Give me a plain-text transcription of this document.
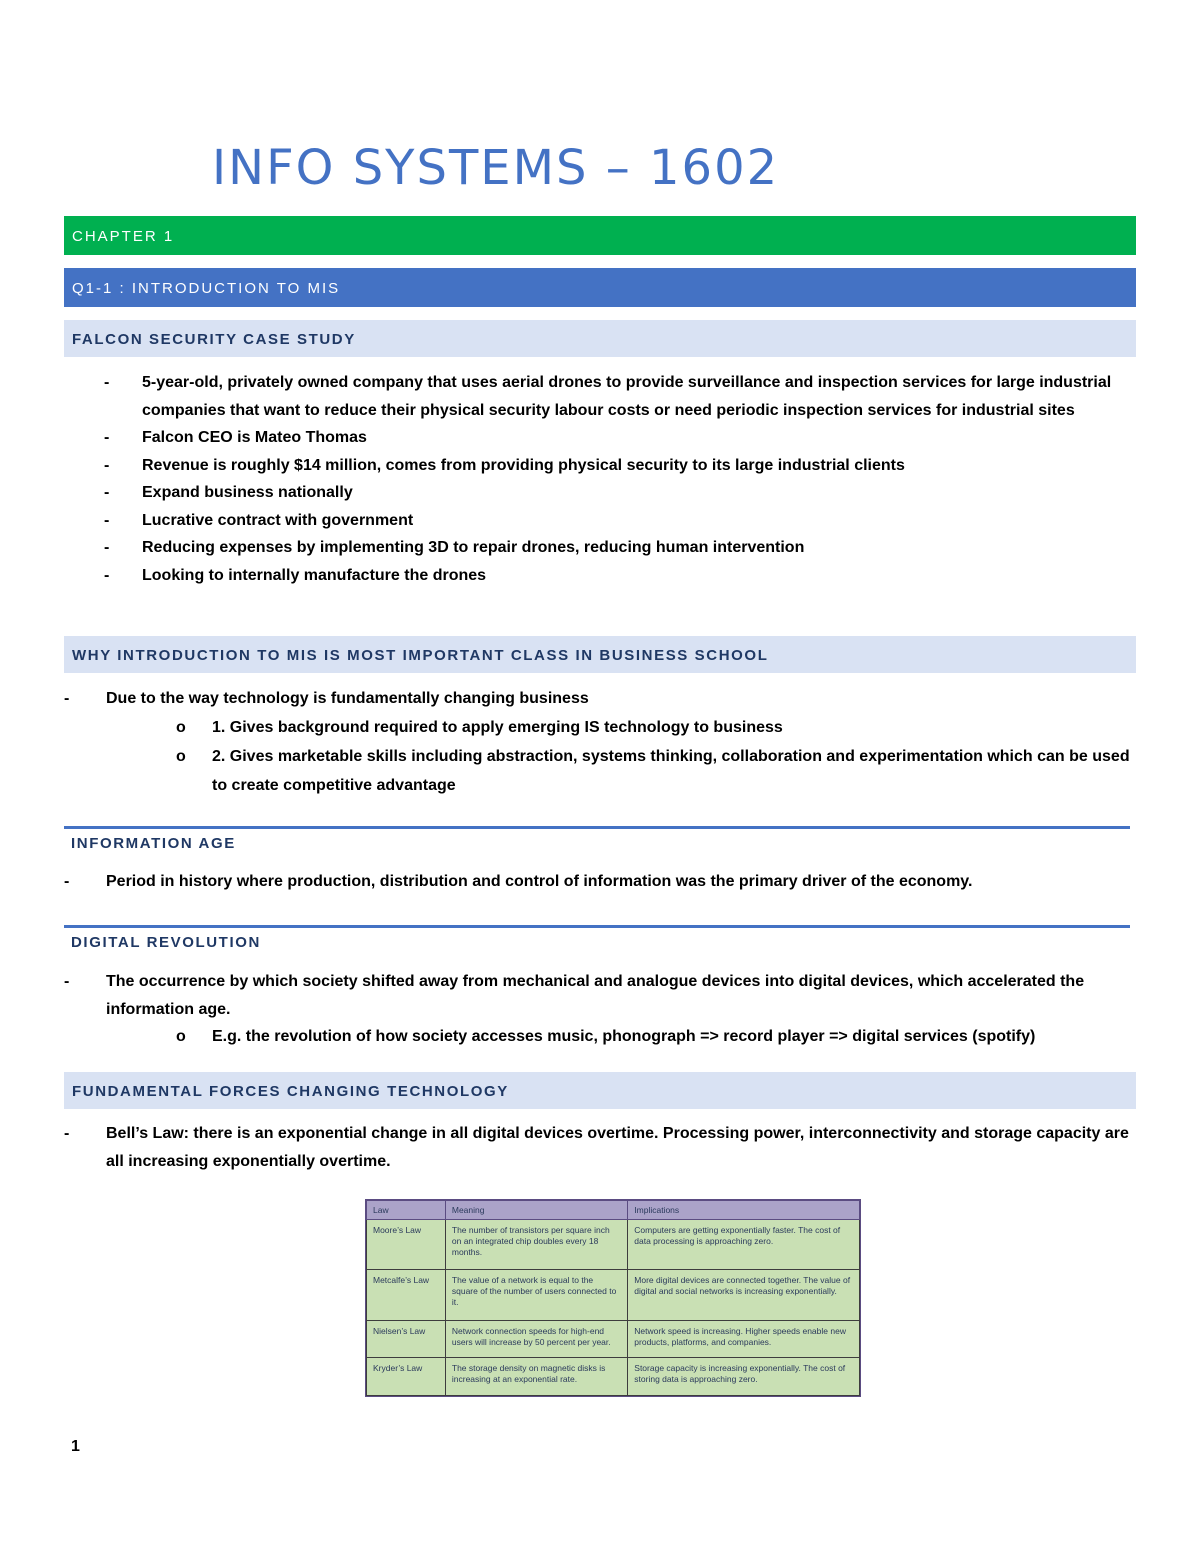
INFO SYSTEMS – 1602
CHAPTER 1
Q1-1 : INTRODUCTION TO MIS
FALCON SECURITY CASE STUDY
- 5-year-old, privately owned company that uses aerial drones to provide surveillance and inspection services for large industrial companies that want to reduce their physical security labour costs or need periodic inspection services for industrial sites
- Falcon CEO is Mateo Thomas
- Revenue is roughly $14 million, comes from providing physical security to its large industrial clients
- Expand business nationally
- Lucrative contract with government
- Reducing expenses by implementing 3D to repair drones, reducing human intervention
- Looking to internally manufacture the drones
WHY INTRODUCTION TO MIS IS MOST IMPORTANT CLASS IN BUSINESS SCHOOL
- Due to the way technology is fundamentally changing business
o 1. Gives background required to apply emerging IS technology to business
o 2. Gives marketable skills including abstraction, systems thinking, collaboration and experimentation which can be used to create competitive advantage
INFORMATION AGE
- Period in history where production, distribution and control of information was the primary driver of the economy.
DIGITAL REVOLUTION
- The occurrence by which society shifted away from mechanical and analogue devices into digital devices, which accelerated the information age.
o E.g. the revolution of how society accesses music, phonograph => record player => digital services (spotify)
FUNDAMENTAL FORCES CHANGING TECHNOLOGY
- Bell’s Law: there is an exponential change in all digital devices overtime. Processing power, interconnectivity and storage capacity are all increasing exponentially overtime.
Law	Meaning	Implications
Moore’s Law	The number of transistors per square inch on an integrated chip doubles every 18 months.	Computers are getting exponentially faster. The cost of data processing is approaching zero.
Metcalfe’s Law	The value of a network is equal to the square of the number of users connected to it.	More digital devices are connected together. The value of digital and social networks is increasing exponentially.
Nielsen’s Law	Network connection speeds for high-end users will increase by 50 percent per year.	Network speed is increasing. Higher speeds enable new products, platforms, and companies.
Kryder’s Law	The storage density on magnetic disks is increasing at an exponential rate.	Storage capacity is increasing exponentially. The cost of storing data is approaching zero.
1
